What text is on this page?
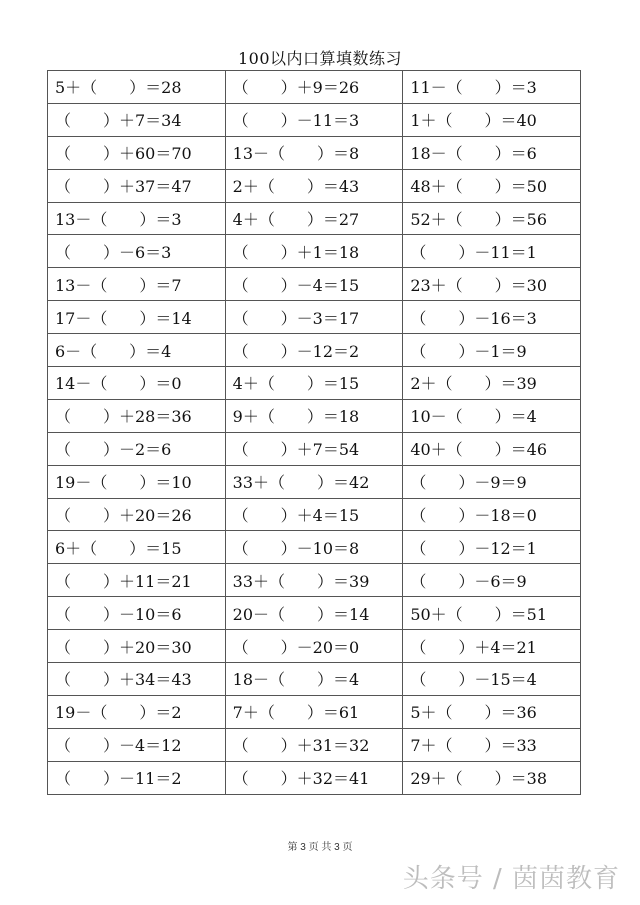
100以内口算填数练习
5＋（　　）＝28	（　　）＋9＝26	11－（　　）＝3
（　　）＋7＝34	（　　）－11＝3	1＋（　　）＝40
（　　）＋60＝70	13－（　　）＝8	18－（　　）＝6
（　　）＋37＝47	2＋（　　）＝43	48＋（　　）＝50
13－（　　）＝3	4＋（　　）＝27	52＋（　　）＝56
（　　）－6＝3	（　　）＋1＝18	（　　）－11＝1
13－（　　）＝7	（　　）－4＝15	23＋（　　）＝30
17－（　　）＝14	（　　）－3＝17	（　　）－16＝3
6－（　　）＝4	（　　）－12＝2	（　　）－1＝9
14－（　　）＝0	4＋（　　）＝15	2＋（　　）＝39
（　　）＋28＝36	9＋（　　）＝18	10－（　　）＝4
（　　）－2＝6	（　　）＋7＝54	40＋（　　）＝46
19－（　　）＝10	33＋（　　）＝42	（　　）－9＝9
（　　）＋20＝26	（　　）＋4＝15	（　　）－18＝0
6＋（　　）＝15	（　　）－10＝8	（　　）－12＝1
（　　）＋11＝21	33＋（　　）＝39	（　　）－6＝9
（　　）－10＝6	20－（　　）＝14	50＋（　　）＝51
（　　）＋20＝30	（　　）－20＝0	（　　）＋4＝21
（　　）＋34＝43	18－（　　）＝4	（　　）－15＝4
19－（　　）＝2	7＋（　　）＝61	5＋（　　）＝36
（　　）－4＝12	（　　）＋31＝32	7＋（　　）＝33
（　　）－11＝2	（　　）＋32＝41	29＋（　　）＝38
第 3 页 共 3 页
头条号 / 茵茵教育
